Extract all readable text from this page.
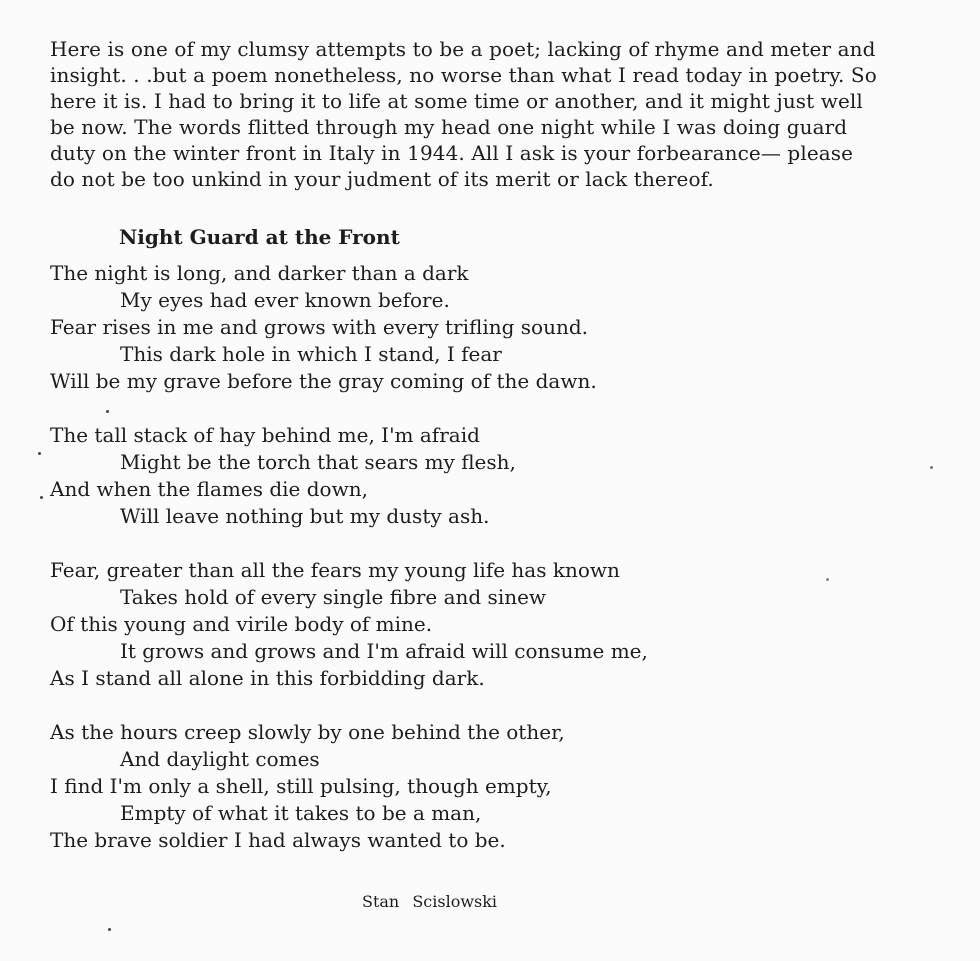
Here is one of my clumsy attempts to be a poet; lacking of rhyme and meter and
insight. . .but a poem nonetheless, no worse than what I read today in poetry. So
here it is. I had to bring it to life at some time or another, and it might just well
be now. The words flitted through my head one night while I was doing guard
duty on the winter front in Italy in 1944. All I ask is your forbearance— please
do not be too unkind in your judment of its merit or lack thereof.
Night Guard at the Front
The night is long, and darker than a dark
My eyes had ever known before.
Fear rises in me and grows with every trifling sound.
This dark hole in which I stand, I fear
Will be my grave before the gray coming of the dawn.
The tall stack of hay behind me, I'm afraid
Might be the torch that sears my flesh,
And when the flames die down,
Will leave nothing but my dusty ash.
Fear, greater than all the fears my young life has known
Takes hold of every single fibre and sinew
Of this young and virile body of mine.
It grows and grows and I'm afraid will consume me,
As I stand all alone in this forbidding dark.
As the hours creep slowly by one behind the other,
And daylight comes
I find I'm only a shell, still pulsing, though empty,
Empty of what it takes to be a man,
The brave soldier I had always wanted to be.
Stan Scislowski
